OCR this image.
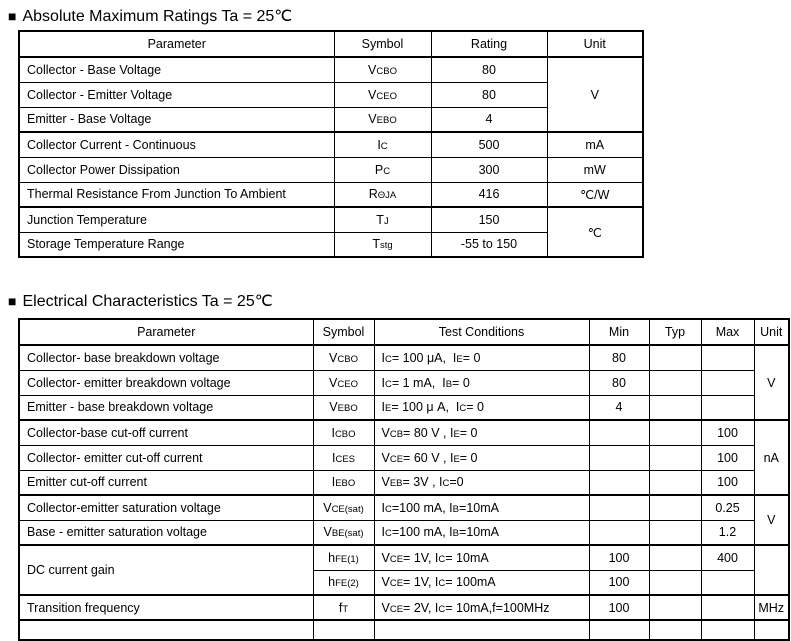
■ Absolute Maximum Ratings Ta = 25℃
Parameter	Symbol	Rating	Unit
Collector - Base Voltage	VCBO	80	V
Collector - Emitter Voltage	VCEO	80	
Emitter - Base Voltage	VEBO	4	
Collector Current - Continuous	IC	500	mA
Collector Power Dissipation	PC	300	mW
Thermal Resistance From Junction To Ambient	RΘJA	416	℃/W
Junction Temperature	TJ	150	℃
Storage Temperature Range	Tstg	-55 to 150	
■ Electrical Characteristics Ta = 25℃
Parameter	Symbol	Test Conditions	Min	Typ	Max	Unit
Collector- base breakdown voltage	VCBO	IC= 100 μA,  IE= 0	80			V
Collector- emitter breakdown voltage	VCEO	IC= 1 mA,  IB= 0	80			
Emitter - base breakdown voltage	VEBO	IE= 100 μ A,  IC= 0	4			
Collector-base cut-off current	ICBO	VCB= 80 V , IE= 0			100	nA
Collector- emitter cut-off current	ICES	VCE= 60 V , IE= 0			100	
Emitter cut-off current	IEBO	VEB= 3V , IC=0			100	
Collector-emitter saturation voltage	VCE(sat)	IC=100 mA, IB=10mA			0.25	V
Base - emitter saturation voltage	VBE(sat)	IC=100 mA, IB=10mA			1.2	
DC current gain	hFE(1)	VCE= 1V, IC= 10mA	100		400	
	hFE(2)	VCE= 1V, IC= 100mA	100			
Transition frequency	fT	VCE= 2V, IC= 10mA,f=100MHz	100			MHz
